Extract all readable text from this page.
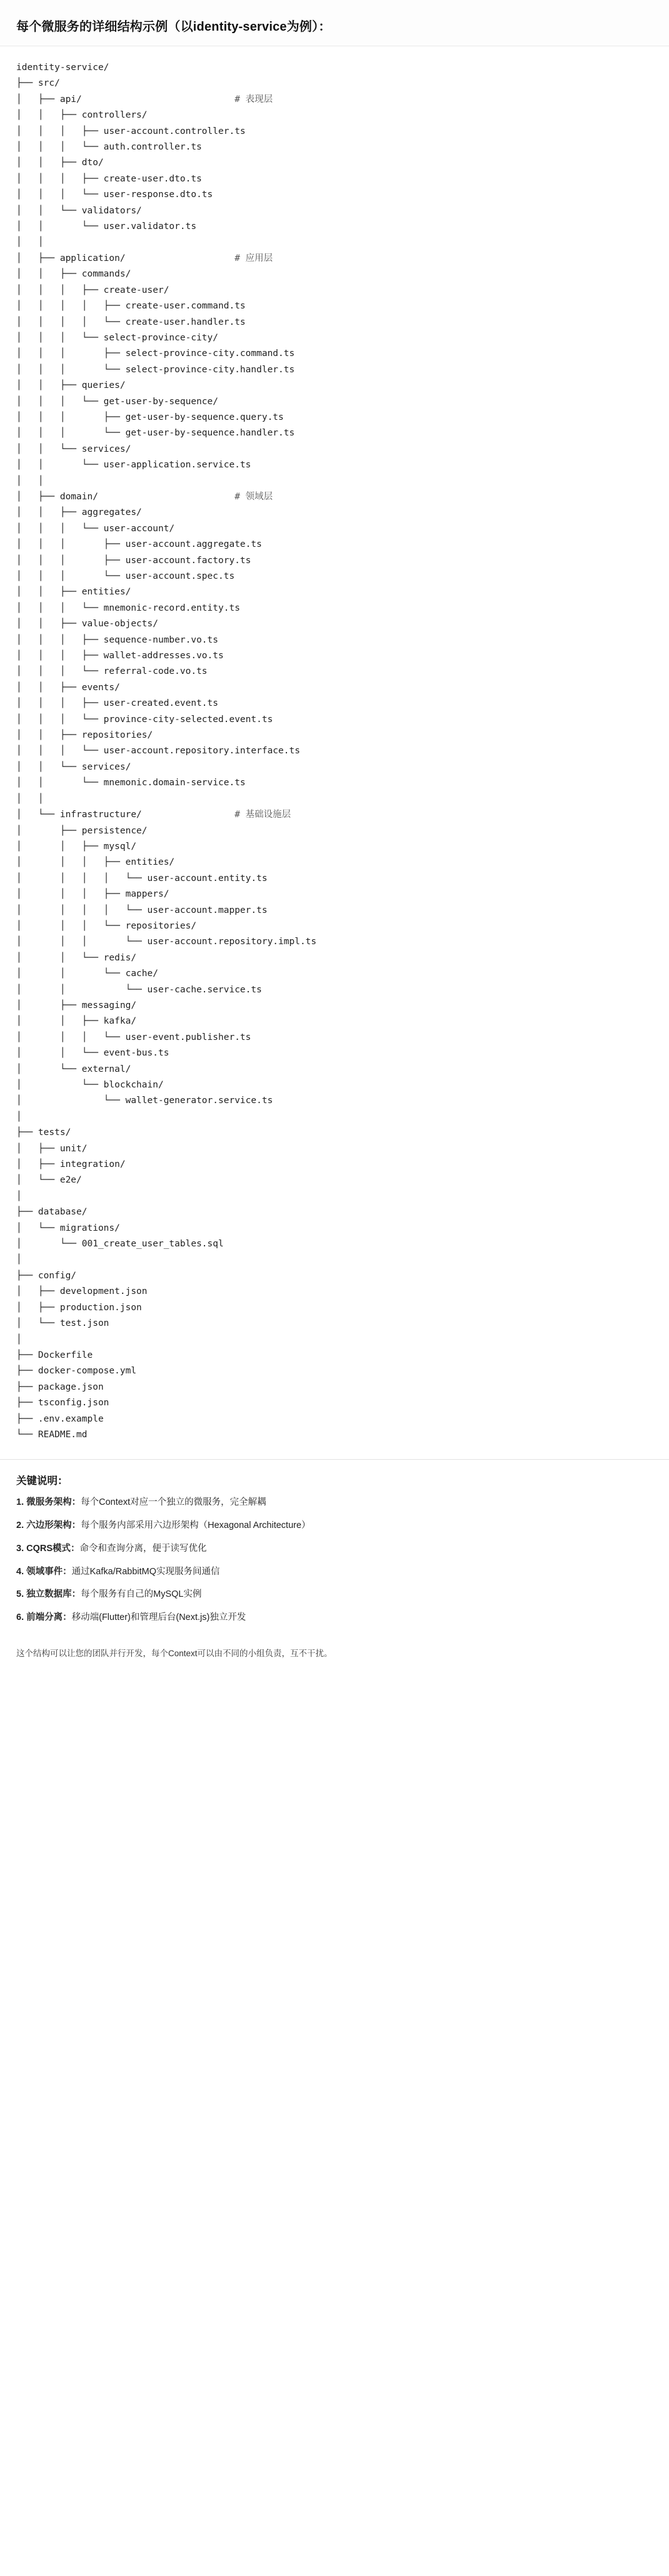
每个微服务的详细结构示例（以identity-service为例）：
identity-service/
├── src/
│   ├── api/	# 表现层
│   │   ├── controllers/
│   │   │   ├── user-account.controller.ts
│   │   │   └── auth.controller.ts
│   │   ├── dto/
│   │   │   ├── create-user.dto.ts
│   │   │   └── user-response.dto.ts
│   │   └── validators/
│   │       └── user.validator.ts
│   │
│   ├── application/	# 应用层
│   │   ├── commands/
│   │   │   ├── create-user/
│   │   │   │   ├── create-user.command.ts
│   │   │   │   └── create-user.handler.ts
│   │   │   └── select-province-city/
│   │   │       ├── select-province-city.command.ts
│   │   │       └── select-province-city.handler.ts
│   │   ├── queries/
│   │   │   └── get-user-by-sequence/
│   │   │       ├── get-user-by-sequence.query.ts
│   │   │       └── get-user-by-sequence.handler.ts
│   │   └── services/
│   │       └── user-application.service.ts
│   │
│   ├── domain/	# 领域层
│   │   ├── aggregates/
│   │   │   └── user-account/
│   │   │       ├── user-account.aggregate.ts
│   │   │       ├── user-account.factory.ts
│   │   │       └── user-account.spec.ts
│   │   ├── entities/
│   │   │   └── mnemonic-record.entity.ts
│   │   ├── value-objects/
│   │   │   ├── sequence-number.vo.ts
│   │   │   ├── wallet-addresses.vo.ts
│   │   │   └── referral-code.vo.ts
│   │   ├── events/
│   │   │   ├── user-created.event.ts
│   │   │   └── province-city-selected.event.ts
│   │   ├── repositories/
│   │   │   └── user-account.repository.interface.ts
│   │   └── services/
│   │       └── mnemonic.domain-service.ts
│   │
│   └── infrastructure/	# 基础设施层
│       ├── persistence/
│       │   ├── mysql/
│       │   │   ├── entities/
│       │   │   │   └── user-account.entity.ts
│       │   │   ├── mappers/
│       │   │   │   └── user-account.mapper.ts
│       │   │   └── repositories/
│       │   │       └── user-account.repository.impl.ts
│       │   └── redis/
│       │       └── cache/
│       │           └── user-cache.service.ts
│       ├── messaging/
│       │   ├── kafka/
│       │   │   └── user-event.publisher.ts
│       │   └── event-bus.ts
│       └── external/
│           └── blockchain/
│               └── wallet-generator.service.ts
│
├── tests/
│   ├── unit/
│   ├── integration/
│   └── e2e/
│
├── database/
│   └── migrations/
│       └── 001_create_user_tables.sql
│
├── config/
│   ├── development.json
│   ├── production.json
│   └── test.json
│
├── Dockerfile
├── docker-compose.yml
├── package.json
├── tsconfig.json
├── .env.example
└── README.md
关键说明：
1. 微服务架构：每个Context对应一个独立的微服务，完全解耦
2. 六边形架构：每个服务内部采用六边形架构（Hexagonal Architecture）
3. CQRS模式：命令和查询分离，便于读写优化
4. 领域事件：通过Kafka/RabbitMQ实现服务间通信
5. 独立数据库：每个服务有自己的MySQL实例
6. 前端分离：移动端(Flutter)和管理后台(Next.js)独立开发
这个结构可以让您的团队并行开发，每个Context可以由不同的小组负责，互不干扰。
